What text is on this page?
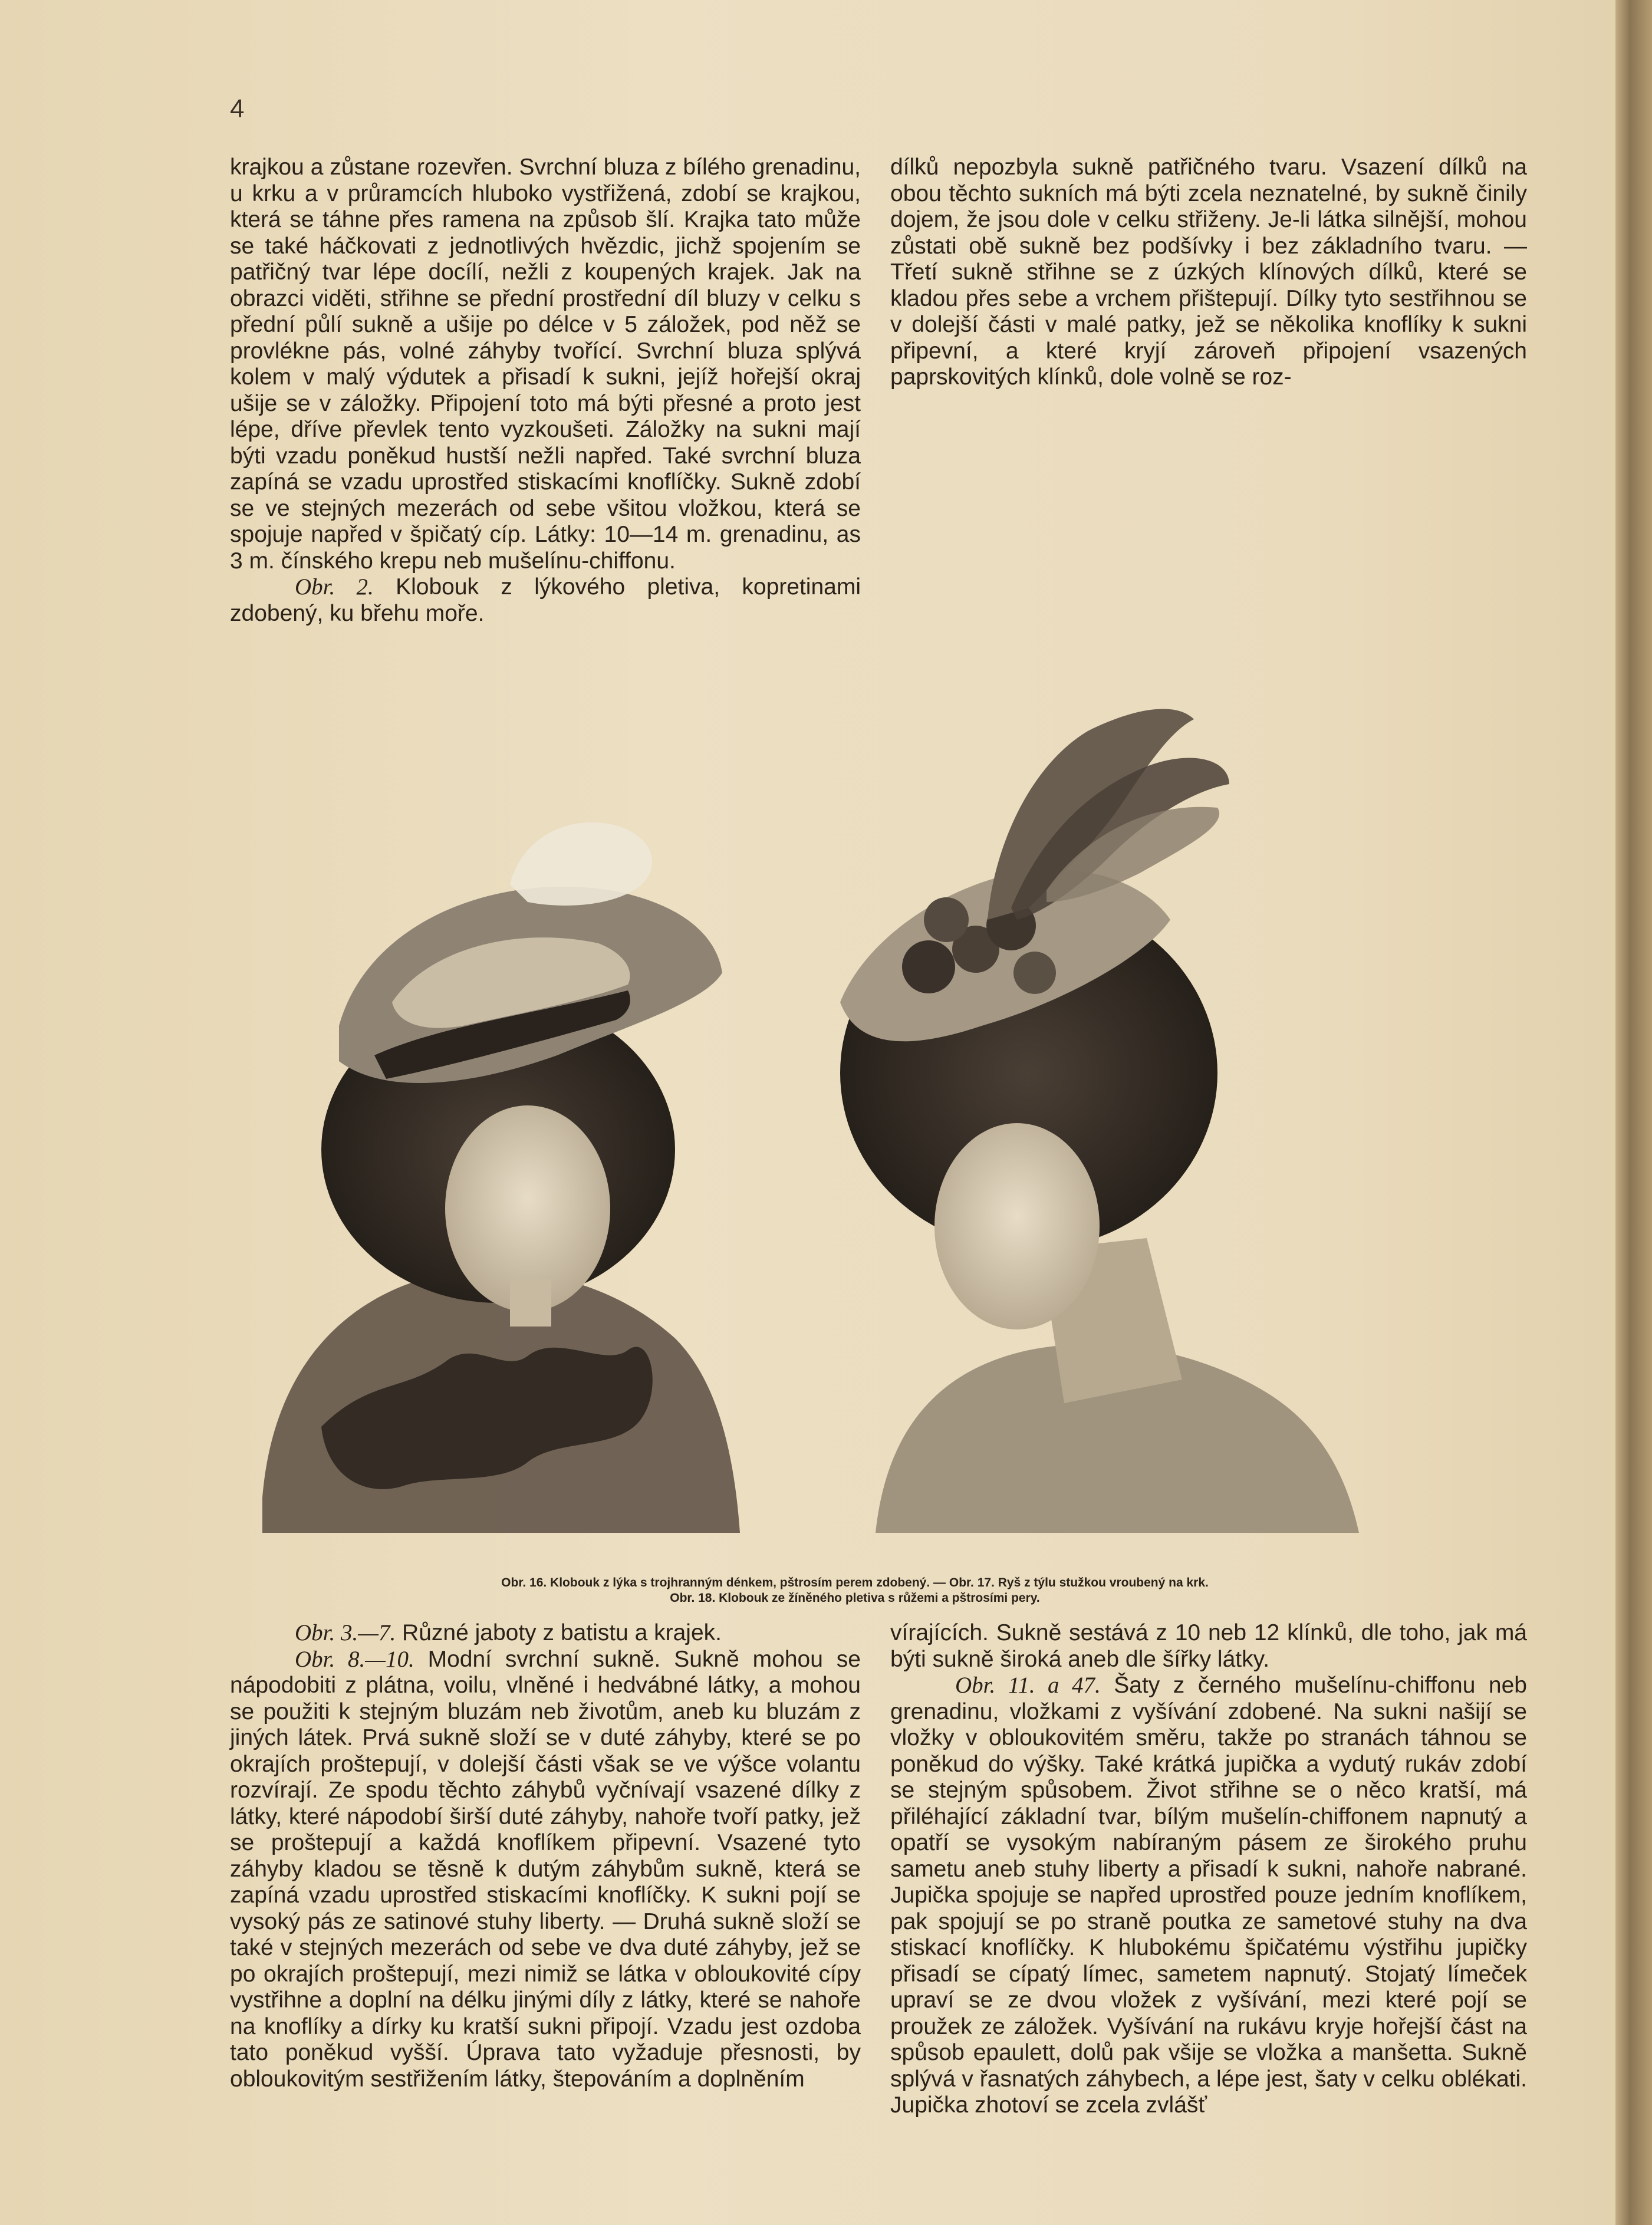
4

krajkou a zůstane rozevřen. Svrchní bluza z bílého grenadinu, u krku a v průramcích hluboko vystřižená, zdobí se krajkou, která se táhne přes ramena na způsob šlí. Krajka tato může se také háčkovati z jednotlivých hvězdic, jichž spojením se patřičný tvar lépe docílí, nežli z koupených krajek. Jak na obrazci viděti, střihne se přední prostřední díl bluzy v celku s přední půlí sukně a ušije po délce v 5 záložek, pod něž se provlékne pás, volné záhyby tvořící. Svrchní bluza splývá kolem v malý výdutek a přisadí k sukni, jejíž hořejší okraj ušije se v záložky. Připojení toto má býti přesné a proto jest lépe, dříve převlek tento vyzkoušeti. Záložky na sukni mají býti vzadu poněkud hustší nežli napřed. Také svrchní bluza zapíná se vzadu uprostřed stiskacími knoflíčky. Sukně zdobí se ve stejných mezerách od sebe všitou vložkou, která se spojuje napřed v špičatý cíp. Látky: 10—14 m. grenadinu, as 3 m. čínského krepu neb mušelínu-chiffonu.

Obr. 2. Klobouk z lýkového pletiva, kopretinami zdobený, ku břehu moře.

dílků nepozbyla sukně patřičného tvaru. Vsazení dílků na obou těchto sukních má býti zcela neznatelné, by sukně činily dojem, že jsou dole v celku střiženy. Je-li látka silnější, mohou zůstati obě sukně bez podšívky i bez základního tvaru. — Třetí sukně střihne se z úzkých klínových dílků, které se kladou přes sebe a vrchem přištepují. Dílky tyto sestřihnou se v dolejší části v malé patky, jež se několika knoflíky k sukni připevní, a které kryjí zároveň připojení vsazených paprskovitých klínků, dole volně se roz-

Obr. 16. Klobouk z lýka s trojhranným dénkem, pštrosím perem zdobený. — Obr. 17. Ryš z týlu stužkou vroubený na krk.
Obr. 18. Klobouk ze žíněného pletiva s růžemi a pštrosími pery.

Obr. 3.—7. Různé jaboty z batistu a krajek.

Obr. 8.—10. Modní svrchní sukně. Sukně mohou se nápodobiti z plátna, voilu, vlněné i hedvábné látky, a mohou se použiti k stejným bluzám neb životům, aneb ku bluzám z jiných látek. Prvá sukně složí se v duté záhyby, které se po okrajích proštepují, v dolejší části však se ve výšce volantu rozvírají. Ze spodu těchto záhybů vyčnívají vsazené dílky z látky, které nápodobí širší duté záhyby, nahoře tvoří patky, jež se proštepují a každá knoflíkem připevní. Vsazené tyto záhyby kladou se těsně k dutým záhybům sukně, která se zapíná vzadu uprostřed stiskacími knoflíčky. K sukni pojí se vysoký pás ze satinové stuhy liberty. — Druhá sukně složí se také v stejných mezerách od sebe ve dva duté záhyby, jež se po okrajích proštepují, mezi nimiž se látka v obloukovité cípy vystřihne a doplní na délku jinými díly z látky, které se nahoře na knoflíky a dírky ku kratší sukni připojí. Vzadu jest ozdoba tato poněkud vyšší. Úprava tato vyžaduje přesnosti, by obloukovitým sestřižením látky, štepováním a doplněním

vírajících. Sukně sestává z 10 neb 12 klínků, dle toho, jak má býti sukně široká aneb dle šířky látky.

Obr. 11. a 47. Šaty z černého mušelínu-chiffonu neb grenadinu, vložkami z vyšívání zdobené. Na sukni našijí se vložky v obloukovitém směru, takže po stranách táhnou se poněkud do výšky. Také krátká jupička a vydutý rukáv zdobí se stejným spůsobem. Život střihne se o něco kratší, má přiléhající základní tvar, bílým mušelín-chiffonem napnutý a opatří se vysokým nabíraným pásem ze širokého pruhu sametu aneb stuhy liberty a přisadí k sukni, nahoře nabrané. Jupička spojuje se napřed uprostřed pouze jedním knoflíkem, pak spojují se po straně poutka ze sametové stuhy na dva stiskací knoflíčky. K hlubokému špičatému výstřihu jupičky přisadí se cípatý límec, sametem napnutý. Stojatý límeček upraví se ze dvou vložek z vyšívání, mezi které pojí se proužek ze záložek. Vyšívání na rukávu kryje hořejší část na spůsob epaulett, dolů pak všije se vložka a manšetta. Sukně splývá v řasnatých záhybech, a lépe jest, šaty v celku oblékati. Jupička zhotoví se zcela zvlášť
